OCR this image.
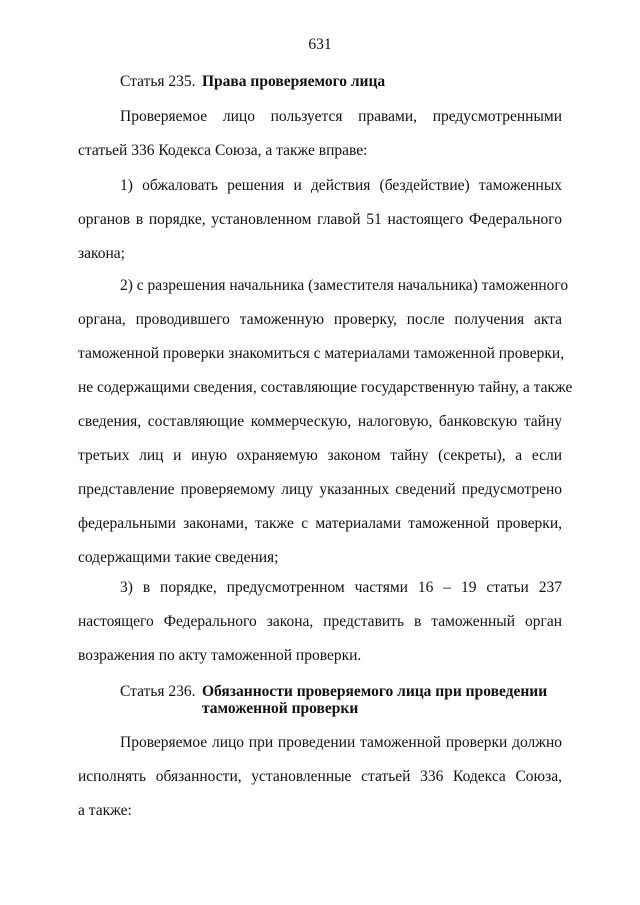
631
Статья 235. Права проверяемого лица
Проверяемое лицо пользуется правами, предусмотренными
статьей 336 Кодекса Союза, а также вправе:
1) обжаловать решения и действия (бездействие) таможенных
органов в порядке, установленном главой 51 настоящего Федерального
закона;
2) с разрешения начальника (заместителя начальника) таможенного
органа, проводившего таможенную проверку, после получения акта
таможенной проверки знакомиться с материалами таможенной проверки,
не содержащими сведения, составляющие государственную тайну, а также
сведения, составляющие коммерческую, налоговую, банковскую тайну
третьих лиц и иную охраняемую законом тайну (секреты), а если
представление проверяемому лицу указанных сведений предусмотрено
федеральными законами, также с материалами таможенной проверки,
содержащими такие сведения;
3) в порядке, предусмотренном частями 16 – 19 статьи 237
настоящего Федерального закона, представить в таможенный орган
возражения по акту таможенной проверки.
Статья 236. Обязанности проверяемого лица при проведении таможенной проверки
Проверяемое лицо при проведении таможенной проверки должно
исполнять обязанности, установленные статьей 336 Кодекса Союза,
а также:
